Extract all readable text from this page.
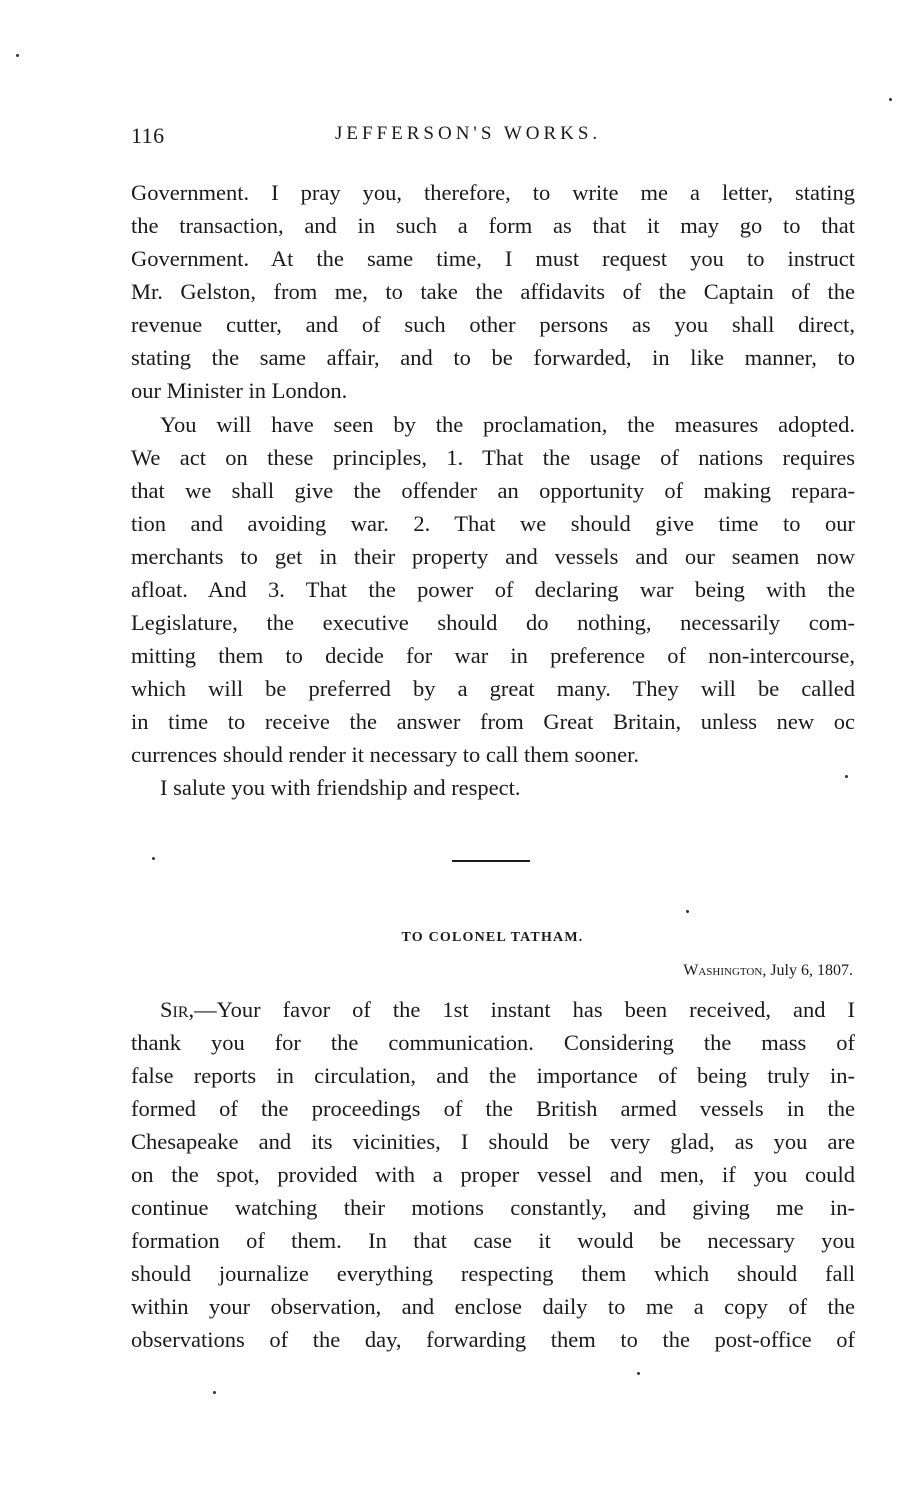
116	JEFFERSON'S WORKS.
Government. I pray you, therefore, to write me a letter, stating
the transaction, and in such a form as that it may go to that
Government. At the same time, I must request you to instruct
Mr. Gelston, from me, to take the affidavits of the Captain of the
revenue cutter, and of such other persons as you shall direct,
stating the same affair, and to be forwarded, in like manner, to
our Minister in London.
You will have seen by the proclamation, the measures adopted.
We act on these principles, 1. That the usage of nations requires
that we shall give the offender an opportunity of making repara-
tion and avoiding war. 2. That we should give time to our
merchants to get in their property and vessels and our seamen now
afloat. And 3. That the power of declaring war being with the
Legislature, the executive should do nothing, necessarily com-
mitting them to decide for war in preference of non-intercourse,
which will be preferred by a great many. They will be called
in time to receive the answer from Great Britain, unless new oc
currences should render it necessary to call them sooner.
I salute you with friendship and respect.
TO COLONEL TATHAM.
Washington, July 6, 1807.
Sir,—Your favor of the 1st instant has been received, and I
thank you for the communication. Considering the mass of
false reports in circulation, and the importance of being truly in-
formed of the proceedings of the British armed vessels in the
Chesapeake and its vicinities, I should be very glad, as you are
on the spot, provided with a proper vessel and men, if you could
continue watching their motions constantly, and giving me in-
formation of them. In that case it would be necessary you
should journalize everything respecting them which should fall
within your observation, and enclose daily to me a copy of the
observations of the day, forwarding them to the post-office of
